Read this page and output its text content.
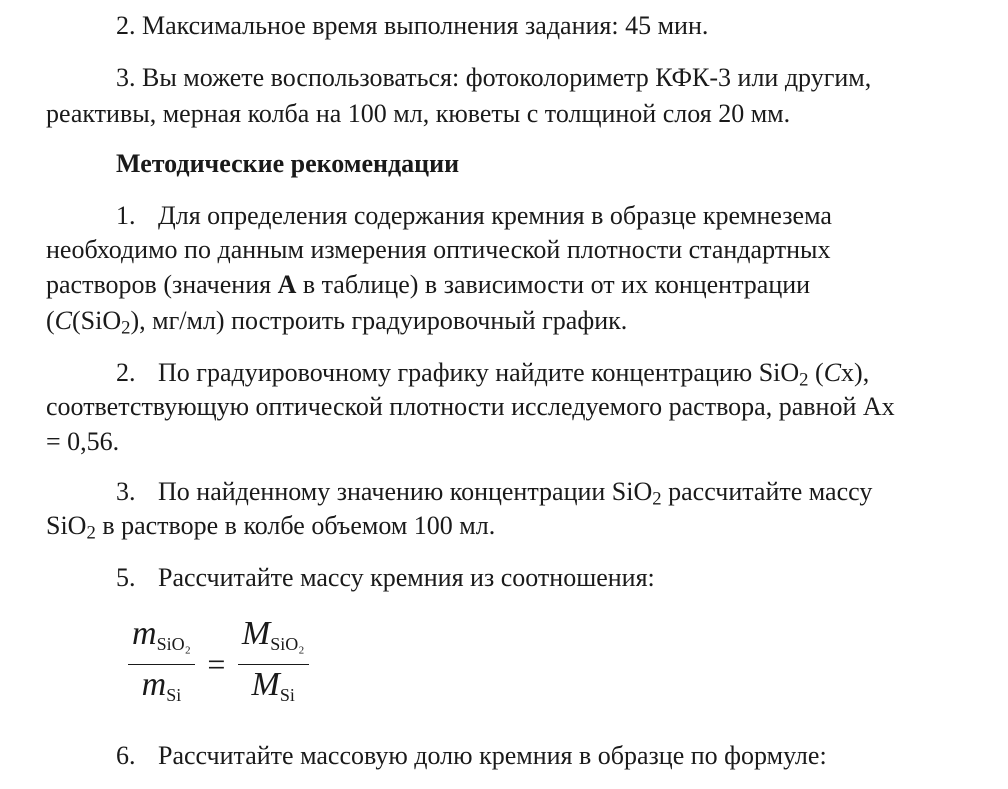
2. Максимальное время выполнения задания: 45 мин.

3. Вы можете воспользоваться: фотоколориметр КФК-3 или другим,

реактивы, мерная колба на 100 мл, кюветы с толщиной слоя 20 мм.

Методические рекомендации

1. Для определения содержания кремния в образце кремнезема

необходимо по данным измерения оптической плотности стандартных

растворов (значения A в таблице) в зависимости от их концентрации

(C(SiO$_2$), мг/мл) построить градуировочный график.

2. По градуировочному графику найдите концентрацию SiO$_2$ (Cx),

соответствующую оптической плотности исследуемого раствора, равной Ax

= 0,56.

3. По найденному значению концентрации SiO$_2$ рассчитайте массу

SiO$_2$ в растворе в колбе объемом 100 мл.

5. Рассчитайте массу кремния из соотношения:

$\frac{m_{SiO_2}}{m_{Si}} = \frac{M_{SiO_2}}{M_{Si}}$

6. Рассчитайте массовую долю кремния в образце по формуле:
